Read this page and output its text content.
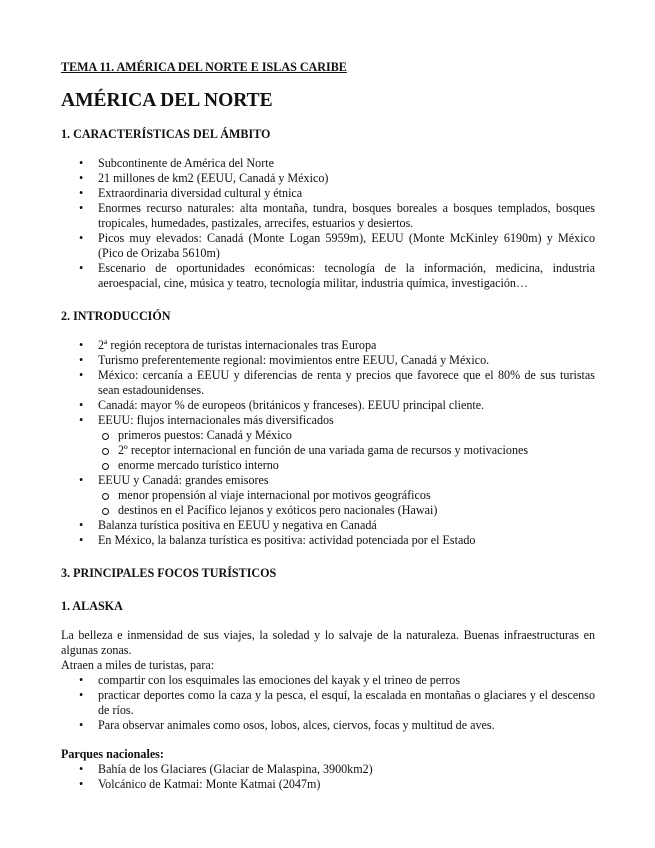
TEMA 11. AMÉRICA DEL NORTE E ISLAS CARIBE
AMÉRICA DEL NORTE
1. CARACTERÍSTICAS DEL ÁMBITO
• Subcontinente de América del Norte
• 21 millones de km2 (EEUU, Canadá y México)
• Extraordinaria diversidad cultural y étnica
• Enormes recurso naturales: alta montaña, tundra, bosques boreales a bosques templados, bosques tropicales, humedades, pastizales, arrecifes, estuarios y desiertos.
• Picos muy elevados: Canadá (Monte Logan 5959m), EEUU (Monte McKinley 6190m) y México (Pico de Orizaba 5610m)
• Escenario de oportunidades económicas: tecnología de la información, medicina, industria aeroespacial, cine, música y teatro, tecnología militar, industria química, investigación…
2. INTRODUCCIÓN
• 2ª región receptora de turistas internacionales tras Europa
• Turismo preferentemente regional: movimientos entre EEUU, Canadá y México.
• México: cercanía a EEUU y diferencias de renta y precios que favorece que el 80% de sus turistas sean estadounidenses.
• Canadá: mayor % de europeos (británicos y franceses). EEUU principal cliente.
• EEUU: flujos internacionales más diversificados
primeros puestos: Canadá y México
2º receptor internacional en función de una variada gama de recursos y motivaciones
enorme mercado turístico interno
• EEUU y Canadá: grandes emisores
menor propensión al viaje internacional por motivos geográficos
destinos en el Pacífico lejanos y exóticos pero nacionales (Hawai)
• Balanza turística positiva en EEUU y negativa en Canadá
• En México, la balanza turística es positiva: actividad potenciada por el Estado
3. PRINCIPALES FOCOS TURÍSTICOS
1. ALASKA

La belleza e inmensidad de sus viajes, la soledad y lo salvaje de la naturaleza. Buenas infraestructuras en algunas zonas.

Atraen a miles de turistas, para:

• compartir con los esquimales las emociones del kayak y el trineo de perros
• practicar deportes como la caza y la pesca, el esquí, la escalada en montañas o glaciares y el descenso de ríos.
• Para observar animales como osos, lobos, alces, ciervos, focas y multitud de aves.
Parques nacionales:
• Bahía de los Glaciares (Glaciar de Malaspina, 3900km2)
• Volcánico de Katmai: Monte Katmai (2047m)
